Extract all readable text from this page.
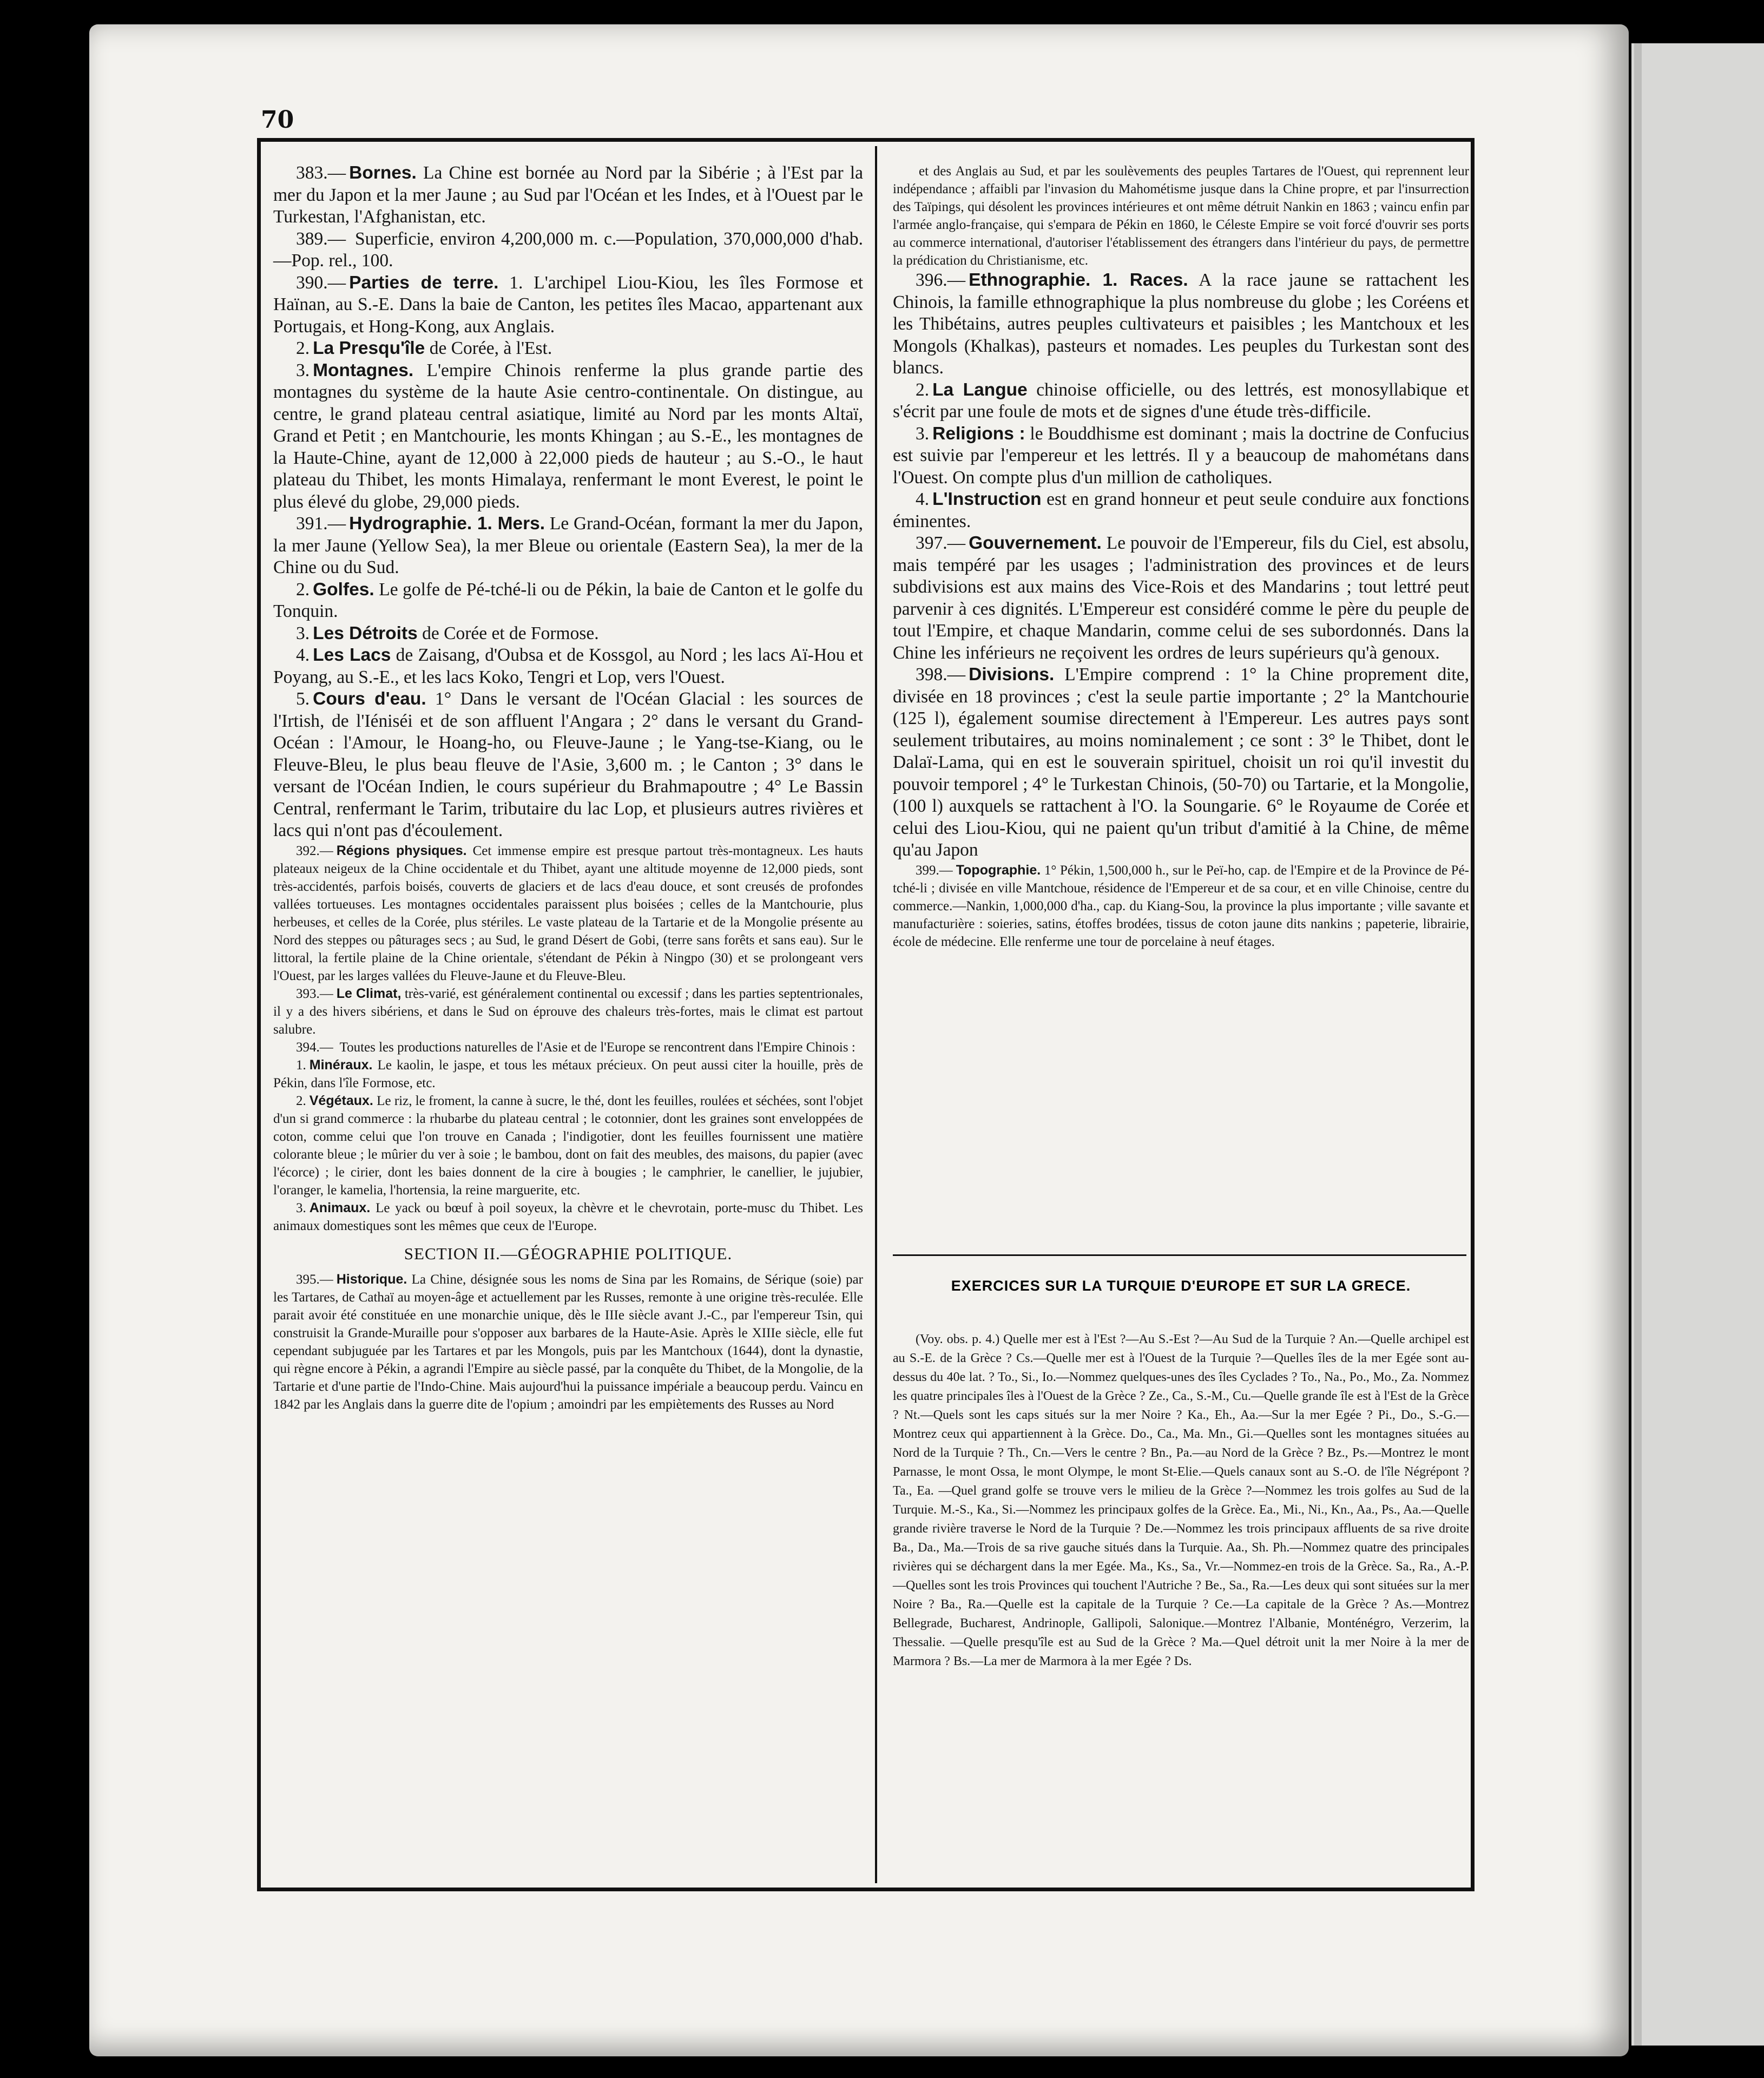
70

383.— Bornes. La Chine est bornée au Nord par la Sibérie ; à l'Est par la mer du Japon et la mer Jaune ; au Sud par l'Océan et les Indes, et à l'Ouest par le Turkestan, l'Afghanistan, etc.

389.— Superficie, environ 4,200,000 m. c.—Population, 370,000,000 d'hab.—Pop. rel., 100.

390.— Parties de terre. 1. L'archipel Liou-Kiou, les îles Formose et Haïnan, au S.-E. Dans la baie de Canton, les petites îles Macao, appartenant aux Portugais, et Hong-Kong, aux Anglais.

2. La Presqu'île de Corée, à l'Est.

3. Montagnes. L'empire Chinois renferme la plus grande partie des montagnes du système de la haute Asie centro-continentale. On distingue, au centre, le grand plateau central asiatique, limité au Nord par les monts Altaï, Grand et Petit ; en Mantchourie, les monts Khingan ; au S.-E., les montagnes de la Haute-Chine, ayant de 12,000 à 22,000 pieds de hauteur ; au S.-O., le haut plateau du Thibet, les monts Himalaya, renfermant le mont Everest, le point le plus élevé du globe, 29,000 pieds.

391.— Hydrographie. 1. Mers. Le Grand-Océan, formant la mer du Japon, la mer Jaune (Yellow Sea), la mer Bleue ou orientale (Eastern Sea), la mer de la Chine ou du Sud.

2. Golfes. Le golfe de Pé-tché-li ou de Pékin, la baie de Canton et le golfe du Tonquin.

3. Les Détroits de Corée et de Formose.

4. Les Lacs de Zaisang, d'Oubsa et de Kossgol, au Nord ; les lacs Aï-Hou et Poyang, au S.-E., et les lacs Koko, Tengri et Lop, vers l'Ouest.

5. Cours d'eau. 1° Dans le versant de l'Océan Glacial : les sources de l'Irtish, de l'Iéniséi et de son affluent l'Angara ; 2° dans le versant du Grand-Océan : l'Amour, le Hoang-ho, ou Fleuve-Jaune ; le Yang-tse-Kiang, ou le Fleuve-Bleu, le plus beau fleuve de l'Asie, 3,600 m. ; le Canton ; 3° dans le versant de l'Océan Indien, le cours supérieur du Brahmapoutre ; 4° Le Bassin Central, renfermant le Tarim, tributaire du lac Lop, et plusieurs autres rivières et lacs qui n'ont pas d'écoulement.

392.— Régions physiques. Cet immense empire est presque partout très-montagneux. Les hauts plateaux neigeux de la Chine occidentale et du Thibet, ayant une altitude moyenne de 12,000 pieds, sont très-accidentés, parfois boisés, couverts de glaciers et de lacs d'eau douce, et sont creusés de profondes vallées tortueuses. Les montagnes occidentales paraissent plus boisées ; celles de la Mantchourie, plus herbeuses, et celles de la Corée, plus stériles. Le vaste plateau de la Tartarie et de la Mongolie présente au Nord des steppes ou pâturages secs ; au Sud, le grand Désert de Gobi, (terre sans forêts et sans eau). Sur le littoral, la fertile plaine de la Chine orientale, s'étendant de Pékin à Ningpo (30) et se prolongeant vers l'Ouest, par les larges vallées du Fleuve-Jaune et du Fleuve-Bleu.

393.— Le Climat, très-varié, est généralement continental ou excessif ; dans les parties septentrionales, il y a des hivers sibériens, et dans le Sud on éprouve des chaleurs très-fortes, mais le climat est partout salubre.

394.— Toutes les productions naturelles de l'Asie et de l'Europe se rencontrent dans l'Empire Chinois :

1. Minéraux. Le kaolin, le jaspe, et tous les métaux précieux. On peut aussi citer la houille, près de Pékin, dans l'île Formose, etc.

2. Végétaux. Le riz, le froment, la canne à sucre, le thé, dont les feuilles, roulées et séchées, sont l'objet d'un si grand commerce : la rhubarbe du plateau central ; le cotonnier, dont les graines sont enveloppées de coton, comme celui que l'on trouve en Canada ; l'indigotier, dont les feuilles fournissent une matière colorante bleue ; le mûrier du ver à soie ; le bambou, dont on fait des meubles, des maisons, du papier (avec l'écorce) ; le cirier, dont les baies donnent de la cire à bougies ; le camphrier, le canellier, le jujubier, l'oranger, le kamelia, l'hortensia, la reine marguerite, etc.

3. Animaux. Le yack ou bœuf à poil soyeux, la chèvre et le chevrotain, porte-musc du Thibet. Les animaux domestiques sont les mêmes que ceux de l'Europe.

SECTION II.—GÉOGRAPHIE POLITIQUE.

395.— Historique. La Chine, désignée sous les noms de Sina par les Romains, de Sérique (soie) par les Tartares, de Cathaï au moyen-âge et actuellement par les Russes, remonte à une origine très-reculée. Elle parait avoir été constituée en une monarchie unique, dès le IIIe siècle avant J.-C., par l'empereur Tsin, qui construisit la Grande-Muraille pour s'opposer aux barbares de la Haute-Asie. Après le XIIIe siècle, elle fut cependant subjuguée par les Tartares et par les Mongols, puis par les Mantchoux (1644), dont la dynastie, qui règne encore à Pékin, a agrandi l'Empire au siècle passé, par la conquête du Thibet, de la Mongolie, de la Tartarie et d'une partie de l'Indo-Chine. Mais aujourd'hui la puissance impériale a beaucoup perdu. Vaincu en 1842 par les Anglais dans la guerre dite de l'opium ; amoindri par les empiètements des Russes au Nord

et des Anglais au Sud, et par les soulèvements des peuples Tartares de l'Ouest, qui reprennent leur indépendance ; affaibli par l'invasion du Mahométisme jusque dans la Chine propre, et par l'insurrection des Taïpings, qui désolent les provinces intérieures et ont même détruit Nankin en 1863 ; vaincu enfin par l'armée anglo-française, qui s'empara de Pékin en 1860, le Céleste Empire se voit forcé d'ouvrir ses ports au commerce international, d'autoriser l'établissement des étrangers dans l'intérieur du pays, de permettre la prédication du Christianisme, etc.

396.— Ethnographie. 1. Races. A la race jaune se rattachent les Chinois, la famille ethnographique la plus nombreuse du globe ; les Coréens et les Thibétains, autres peuples cultivateurs et paisibles ; les Mantchoux et les Mongols (Khalkas), pasteurs et nomades. Les peuples du Turkestan sont des blancs.

2. La Langue chinoise officielle, ou des lettrés, est monosyllabique et s'écrit par une foule de mots et de signes d'une étude très-difficile.

3. Religions : le Bouddhisme est dominant ; mais la doctrine de Confucius est suivie par l'empereur et les lettrés. Il y a beaucoup de mahométans dans l'Ouest. On compte plus d'un million de catholiques.

4. L'Instruction est en grand honneur et peut seule conduire aux fonctions éminentes.

397.— Gouvernement. Le pouvoir de l'Empereur, fils du Ciel, est absolu, mais tempéré par les usages ; l'administration des provinces et de leurs subdivisions est aux mains des Vice-Rois et des Mandarins ; tout lettré peut parvenir à ces dignités. L'Empereur est considéré comme le père du peuple de tout l'Empire, et chaque Mandarin, comme celui de ses subordonnés. Dans la Chine les inférieurs ne reçoivent les ordres de leurs supérieurs qu'à genoux.

398.— Divisions. L'Empire comprend : 1° la Chine proprement dite, divisée en 18 provinces ; c'est la seule partie importante ; 2° la Mantchourie (125 l), également soumise directement à l'Empereur. Les autres pays sont seulement tributaires, au moins nominalement ; ce sont : 3° le Thibet, dont le Dalaï-Lama, qui en est le souverain spirituel, choisit un roi qu'il investit du pouvoir temporel ; 4° le Turkestan Chinois, (50-70) ou Tartarie, et la Mongolie, (100 l) auxquels se rattachent à l'O. la Soungarie. 6° le Royaume de Corée et celui des Liou-Kiou, qui ne paient qu'un tribut d'amitié à la Chine, de même qu'au Japon

399.— Topographie. 1° Pékin, 1,500,000 h., sur le Peï-ho, cap. de l'Empire et de la Province de Pé-tché-li ; divisée en ville Mantchoue, résidence de l'Empereur et de sa cour, et en ville Chinoise, centre du commerce.—Nankin, 1,000,000 d'ha., cap. du Kiang-Sou, la province la plus importante ; ville savante et manufacturière : soieries, satins, étoffes brodées, tissus de coton jaune dits nankins ; papeterie, librairie, école de médecine. Elle renferme une tour de porcelaine à neuf étages.

EXERCICES SUR LA TURQUIE D'EUROPE ET SUR LA GRECE.
(Voy. obs. p. 4.) Quelle mer est à l'Est ?—Au S.-Est ?—Au Sud de la Turquie ? An.—Quelle archipel est au S.-E. de la Grèce ? Cs.—Quelle mer est à l'Ouest de la Turquie ?—Quelles îles de la mer Egée sont au-dessus du 40e lat. ? To., Si., Io.—Nommez quelques-unes des îles Cyclades ? To., Na., Po., Mo., Za. Nommez les quatre principales îles à l'Ouest de la Grèce ? Ze., Ca., S.-M., Cu.—Quelle grande île est à l'Est de la Grèce ? Nt.—Quels sont les caps situés sur la mer Noire ? Ka., Eh., Aa.—Sur la mer Egée ? Pi., Do., S.-G.—Montrez ceux qui appartiennent à la Grèce. Do., Ca., Ma. Mn., Gi.—Quelles sont les montagnes situées au Nord de la Turquie ? Th., Cn.—Vers le centre ? Bn., Pa.—au Nord de la Grèce ? Bz., Ps.—Montrez le mont Parnasse, le mont Ossa, le mont Olympe, le mont St-Elie.—Quels canaux sont au S.-O. de l'île Négrépont ? Ta., Ea. —Quel grand golfe se trouve vers le milieu de la Grèce ?—Nommez les trois golfes au Sud de la Turquie. M.-S., Ka., Si.—Nommez les principaux golfes de la Grèce. Ea., Mi., Ni., Kn., Aa., Ps., Aa.—Quelle grande rivière traverse le Nord de la Turquie ? De.—Nommez les trois principaux affluents de sa rive droite Ba., Da., Ma.—Trois de sa rive gauche situés dans la Turquie. Aa., Sh. Ph.—Nommez quatre des principales rivières qui se déchargent dans la mer Egée. Ma., Ks., Sa., Vr.—Nommez-en trois de la Grèce. Sa., Ra., A.-P.—Quelles sont les trois Provinces qui touchent l'Autriche ? Be., Sa., Ra.—Les deux qui sont situées sur la mer Noire ? Ba., Ra.—Quelle est la capitale de la Turquie ? Ce.—La capitale de la Grèce ? As.—Montrez Bellegrade, Bucharest, Andrinople, Gallipoli, Salonique.—Montrez l'Albanie, Monténégro, Verzerim, la Thessalie. —Quelle presqu'île est au Sud de la Grèce ? Ma.—Quel détroit unit la mer Noire à la mer de Marmora ? Bs.—La mer de Marmora à la mer Egée ? Ds.
